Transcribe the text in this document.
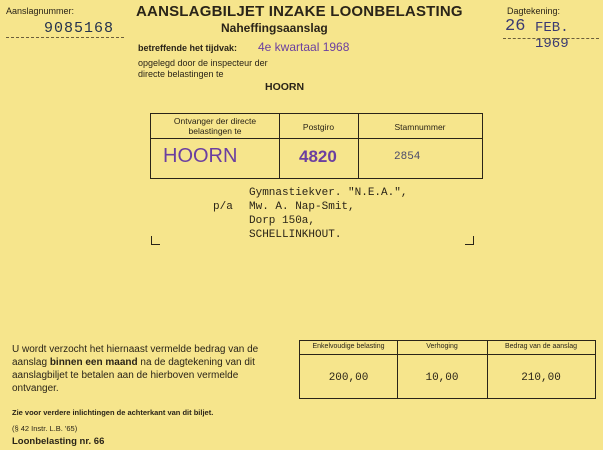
Aanslagnummer:
9085168
AANSLAGBILJET INZAKE LOONBELASTING
Naheffingsaanslag
Dagtekening:
26 FEB. 1969
betreffende het tijdvak: 4e kwartaal 1968
opgelegd door de inspecteur der directe belastingen te
HOORN
Ontvanger der directe belastingen te	Postgiro	Stamnummer
HOORN	4820	2854
p/a
Gymnastiekver. "N.E.A.",
Mw. A. Nap-Smit,
Dorp 150a,
SCHELLINKHOUT.
U wordt verzocht het hiernaast vermelde bedrag van de aanslag binnen een maand na de dagtekening van dit aanslagbiljet te betalen aan de hierboven vermelde ontvanger.
Zie voor verdere inlichtingen de achterkant van dit biljet.
(§ 42 Instr. L.B. '65)
Loonbelasting nr. 66
Enkelvoudige belasting	Verhoging	Bedrag van de aanslag
200,00	10,00	210,00
